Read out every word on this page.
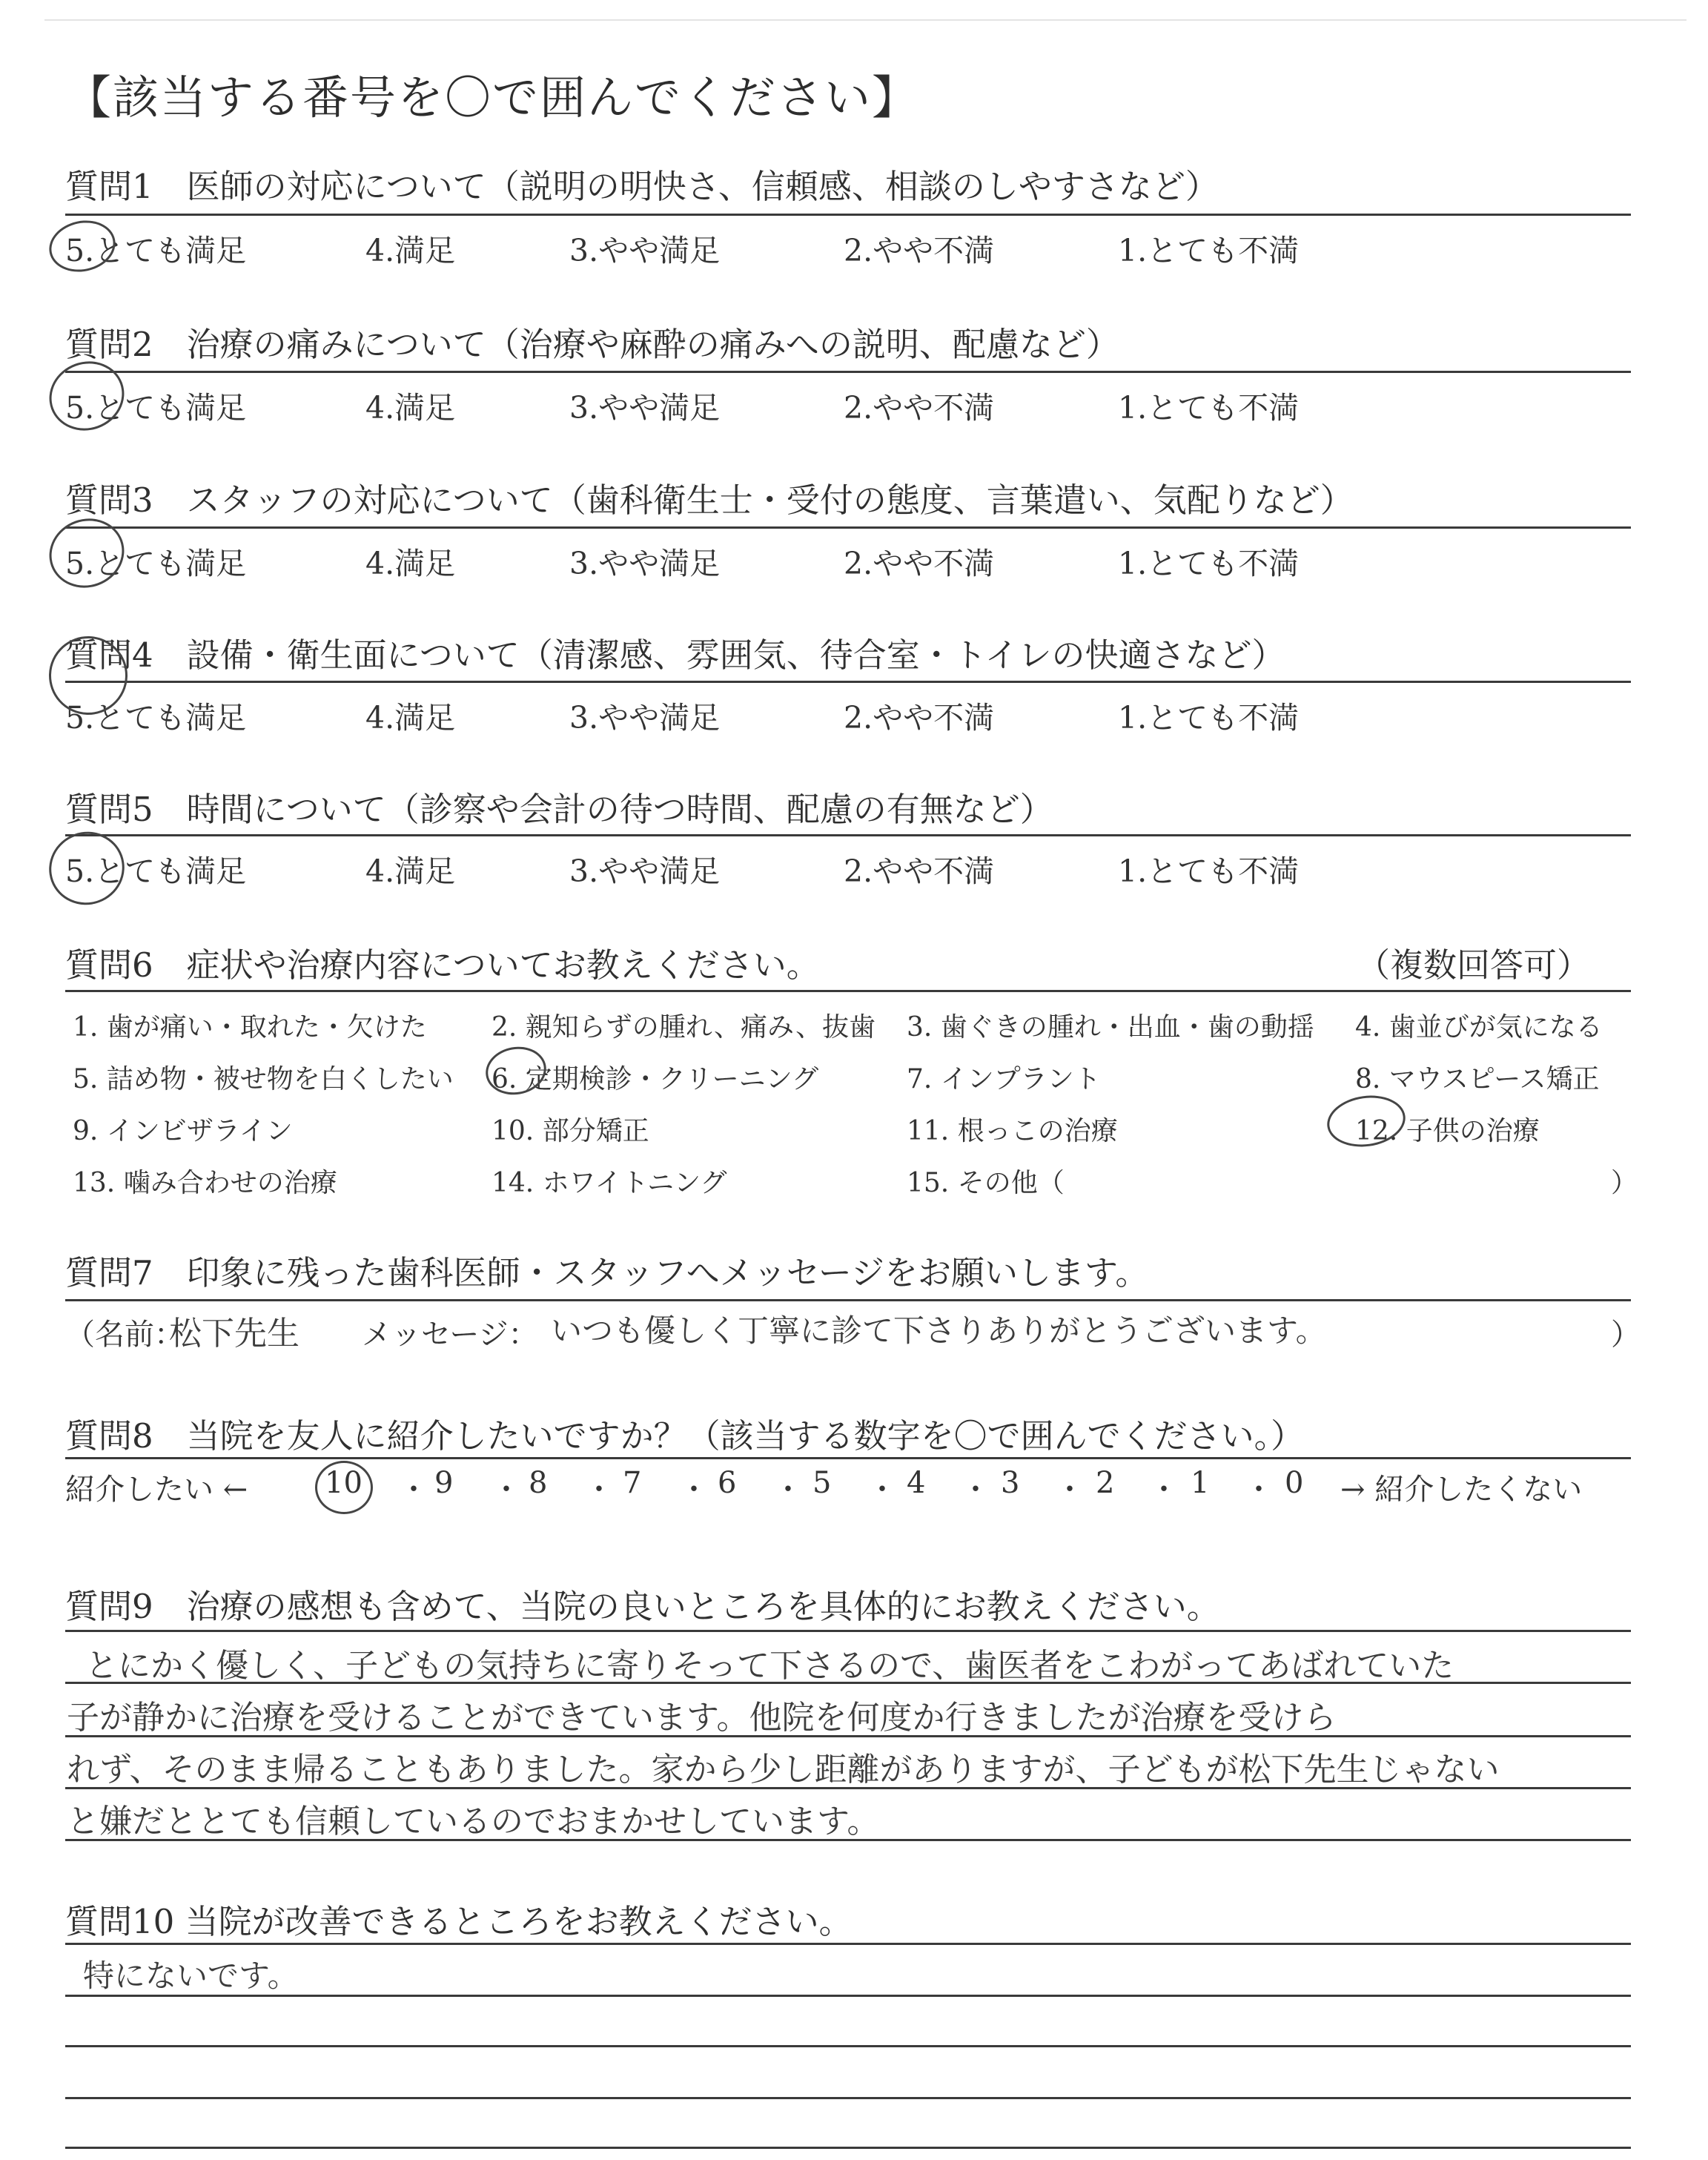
【該当する番号を〇で囲んでください】
質問1　医師の対応について（説明の明快さ、信頼感、相談のしやすさなど）
5.とても満足	4.満足	3.やや満足	2.やや不満	1.とても不満
質問2　治療の痛みについて（治療や麻酔の痛みへの説明、配慮など）
5.とても満足	4.満足	3.やや満足	2.やや不満	1.とても不満
質問3　スタッフの対応について（歯科衛生士・受付の態度、言葉遣い、気配りなど）
5.とても満足	4.満足	3.やや満足	2.やや不満	1.とても不満
質問4　設備・衛生面について（清潔感、雰囲気、待合室・トイレの快適さなど）
5.とても満足	4.満足	3.やや満足	2.やや不満	1.とても不満
質問5　時間について（診察や会計の待つ時間、配慮の有無など）
5.とても満足	4.満足	3.やや満足	2.やや不満	1.とても不満
質問6　症状や治療内容についてお教えください。	（複数回答可）
1. 歯が痛い・取れた・欠けた 2. 親知らずの腫れ、痛み、抜歯 3. 歯ぐきの腫れ・出血・歯の動揺 4. 歯並びが気になる
5. 詰め物・被せ物を白くしたい 6. 定期検診・クリーニング	7. インプラント	8. マウスピース矯正
9. インビザライン	10. 部分矯正	11. 根っこの治療	12. 子供の治療
13. 噛み合わせの治療	14. ホワイトニング	15. その他（	）
質問7　印象に残った歯科医師・スタッフへメッセージをお願いします。
（名前：
松下先生 メッセージ： いつも優しく丁寧に診て下さりありがとうございます。	）
質問8　当院を友人に紹介したいですか？（該当する数字を〇で囲んでください。）
紹介したい ←	10 ・ 9 ・ 8 ・ 7 ・ 6 ・ 5 ・ 4 ・ 3 ・ 2 ・ 1 ・ 0 → 紹介したくない
質問9　治療の感想も含めて、当院の良いところを具体的にお教えください。
とにかく優しく、子どもの気持ちに寄りそって下さるので、歯医者をこわがってあばれていた
子が静かに治療を受けることができています。他院を何度か行きましたが治療を受けら
れず、そのまま帰ることもありました。家から少し距離がありますが、子どもが松下先生じゃない
と嫌だととても信頼しているのでおまかせしています。
質問10 当院が改善できるところをお教えください。
特にないです。
